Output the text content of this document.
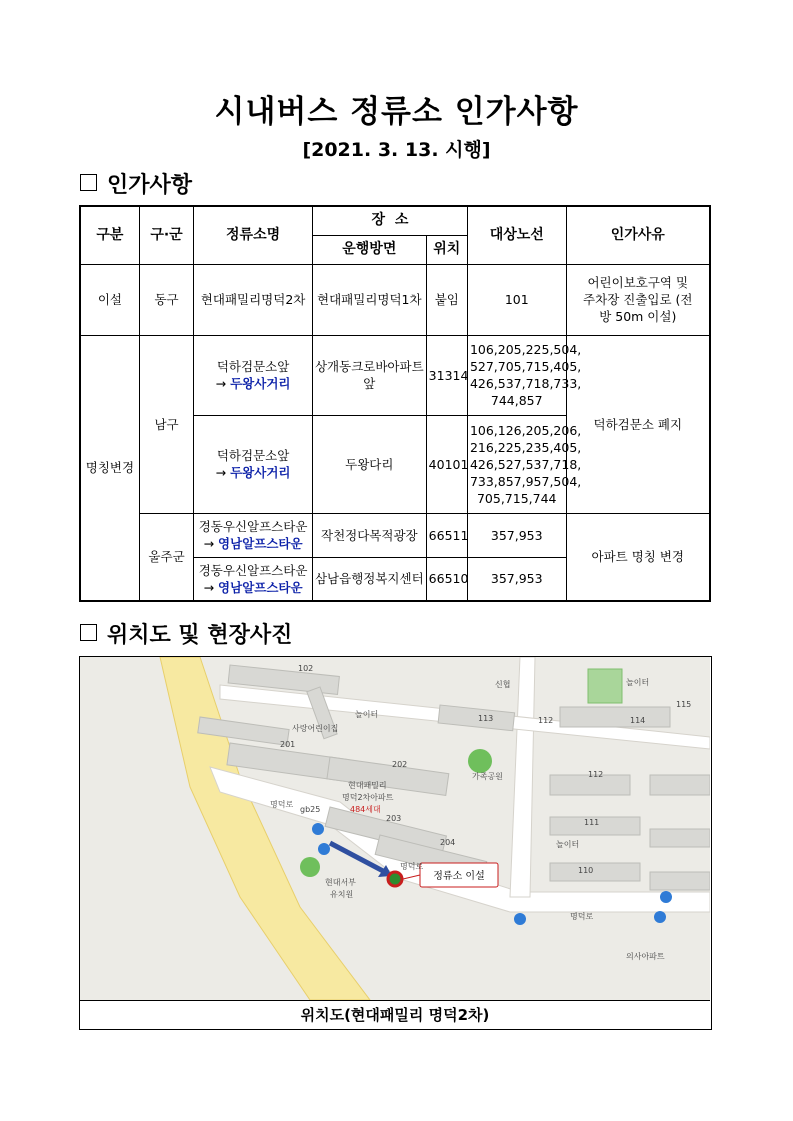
시내버스 정류소 인가사항
[2021. 3. 13. 시행]
인가사항
구분	구·군	정류소명	장  소		대상노선	인가사유
			운행방면	위치		
이설	동구	현대패밀리명덕2차	현대패밀리명덕1차	붙임	101	어린이보호구역 및 주차장 진출입로 (전방 50m 이설)
명칭변경	남구	덕하검문소앞
→ 두왕사거리	상개동크로바아파트앞	31314	106,205,225,504, 527,705,715,405, 426,537,718,733, 744,857	덕하검문소 폐지

		덕하검문소앞
→ 두왕사거리	두왕다리	40101	106,126,205,206, 216,225,235,405, 426,527,537,718, 733,857,957,504, 705,715,744	
	울주군	경동우신알프스타운
→ 영남알프스타운	작천정다목적광장	66511	357,953	아파트 명칭 변경

		경동우신알프스타운
→ 영남알프스타운	삼남읍행정복지센터	66510	357,953	
위치도 및 현장사진
정류소 이설
신협	놀이터
사랑어린이집
놀이터
가족공원
현대패밀리
명덕2차아파트
484세대
현대서부
유치원
놀이터
명덕로
명덕로
명덕로
의사아파트
gb25
102
113	112	114
201
202
203
204
112
111
110
115
위치도(현대패밀리 명덕2차)
